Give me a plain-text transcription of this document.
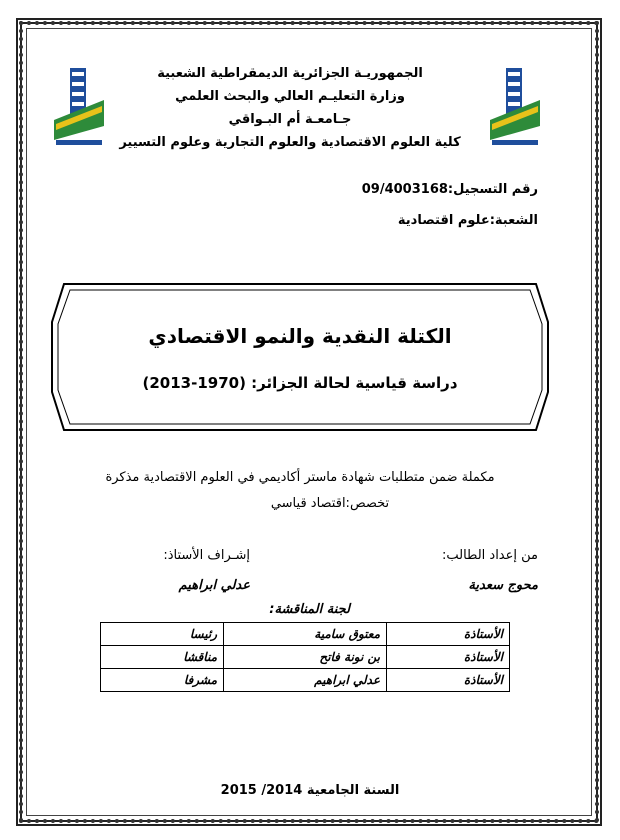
الجمهوريـة الجزائرية الديمقراطية الشعبية
وزارة التعليـم العالي والبحث العلمي
جـامعـة أم البـواقي
كلية العلوم الاقتصادية والعلوم التجارية وعلوم التسيير
رقم التسجيل:09/4003168
الشعبة:علوم اقتصادية
الكتلة النقدية والنمو الاقتصادي
دراسة قياسية لحالة الجزائر: (1970-2013)
مكملة ضمن متطلبات شهادة ماستر أكاديمي في العلوم الاقتصادية مذكرة
تخصص:اقتصاد قياسي
من إعداد الطالب:
إشـراف الأستاذ:
محوج سعدية
عدلي ابراهيم
لجنة المناقشة:
الأستاذة	معتوق سامية	رئيسا
الأستاذة	بن نونة فاتح	مناقشا
الأستاذة	عدلي ابراهيم	مشرفا
السنة الجامعية 2014/ 2015
